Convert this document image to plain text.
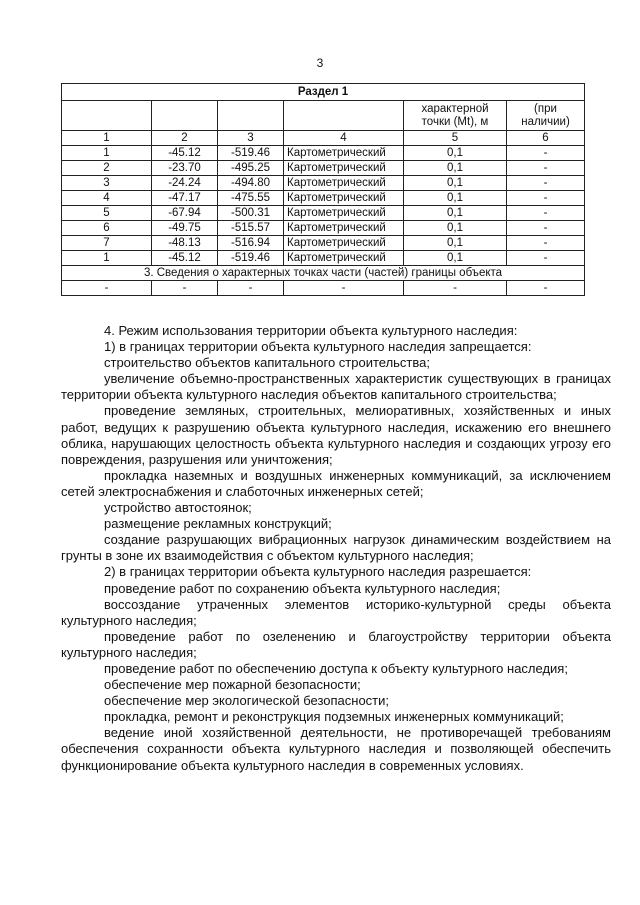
3
Раздел 1					
				характерной точки (Mt), м	(при наличии)
1	2	3	4	5	6
1	-45.12	-519.46	Картометрический	0,1	-
2	-23.70	-495.25	Картометрический	0,1	-
3	-24.24	-494.80	Картометрический	0,1	-
4	-47.17	-475.55	Картометрический	0,1	-
5	-67.94	-500.31	Картометрический	0,1	-
6	-49.75	-515.57	Картометрический	0,1	-
7	-48.13	-516.94	Картометрический	0,1	-
1	-45.12	-519.46	Картометрический	0,1	-
3. Сведения о характерных точках части (частей) границы объекта					
-	-	-	-	-	-

4. Режим использования территории объекта культурного наследия:

1) в границах территории объекта культурного наследия запрещается:

строительство объектов капитального строительства;

увеличение объемно-пространственных характеристик существующих в границах территории объекта культурного наследия объектов капитального строительства;

проведение земляных, строительных, мелиоративных, хозяйственных и иных работ, ведущих к разрушению объекта культурного наследия, искажению его внешнего облика, нарушающих целостность объекта культурного наследия и создающих угрозу его повреждения, разрушения или уничтожения;

прокладка наземных и воздушных инженерных коммуникаций, за исключением сетей электроснабжения и слаботочных инженерных сетей;

устройство автостоянок;

размещение рекламных конструкций;

создание разрушающих вибрационных нагрузок динамическим воздействием на грунты в зоне их взаимодействия с объектом культурного наследия;

2) в границах территории объекта культурного наследия разрешается:

проведение работ по сохранению объекта культурного наследия;

воссоздание утраченных элементов историко-культурной среды объекта культурного наследия;

проведение работ по озеленению и благоустройству территории объекта культурного наследия;

проведение работ по обеспечению доступа к объекту культурного наследия;

обеспечение мер пожарной безопасности;

обеспечение мер экологической безопасности;

прокладка, ремонт и реконструкция подземных инженерных коммуникаций;

ведение иной хозяйственной деятельности, не противоречащей требованиям обеспечения сохранности объекта культурного наследия и позволяющей обеспечить функционирование объекта культурного наследия в современных условиях.
